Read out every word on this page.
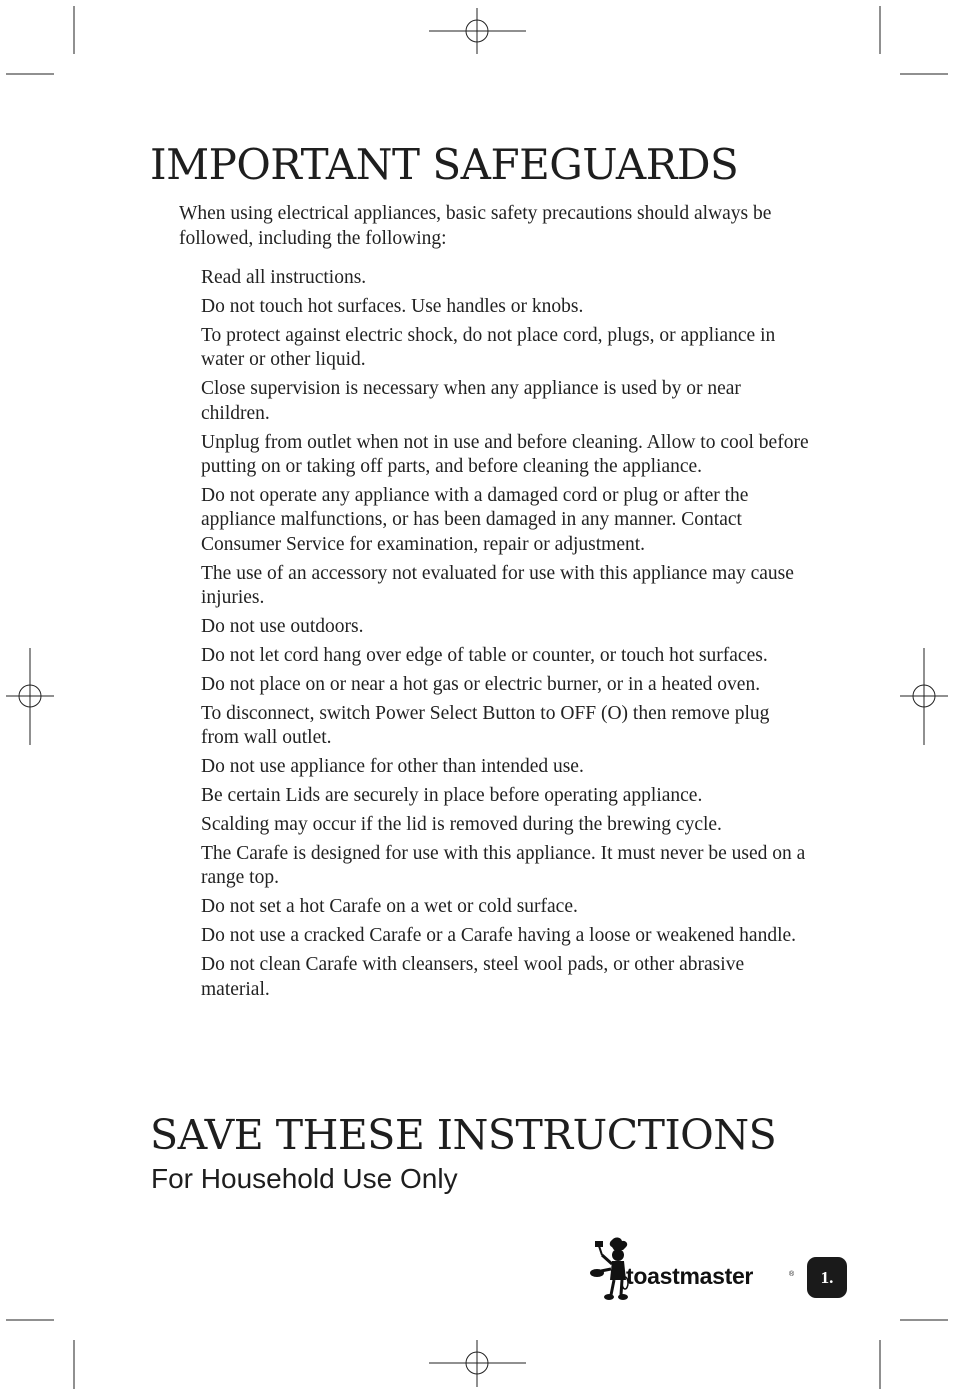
IMPORTANT SAFEGUARDS

When using electrical appliances, basic safety precautions should always be followed, including the following:

Read all instructions.
Do not touch hot surfaces. Use handles or knobs.
To protect against electric shock, do not place cord, plugs, or appliance in water or other liquid.
Close supervision is necessary when any appliance is used by or near children.
Unplug from outlet when not in use and before cleaning. Allow to cool before putting on or taking off parts, and before cleaning the appliance.
Do not operate any appliance with a damaged cord or plug or after the appliance malfunctions, or has been damaged in any manner. Contact Consumer Service for examination, repair or adjustment.
The use of an accessory not evaluated for use with this appliance may cause injuries.
Do not use outdoors.
Do not let cord hang over edge of table or counter, or touch hot surfaces.
Do not place on or near a hot gas or electric burner, or in a heated oven.
To disconnect, switch Power Select Button to OFF (O) then remove plug from wall outlet.
Do not use appliance for other than intended use.
Be certain Lids are securely in place before operating appliance.
Scalding may occur if the lid is removed during the brewing cycle.
The Carafe is designed for use with this appliance. It must never be used on a range top.
Do not set a hot Carafe on a wet or cold surface.
Do not use a cracked Carafe or a Carafe having a loose or weakened handle.
Do not clean Carafe with cleansers, steel wool pads, or other abrasive material.
SAVE THESE INSTRUCTIONS

For Household Use Only

toastmaster	®	1.
